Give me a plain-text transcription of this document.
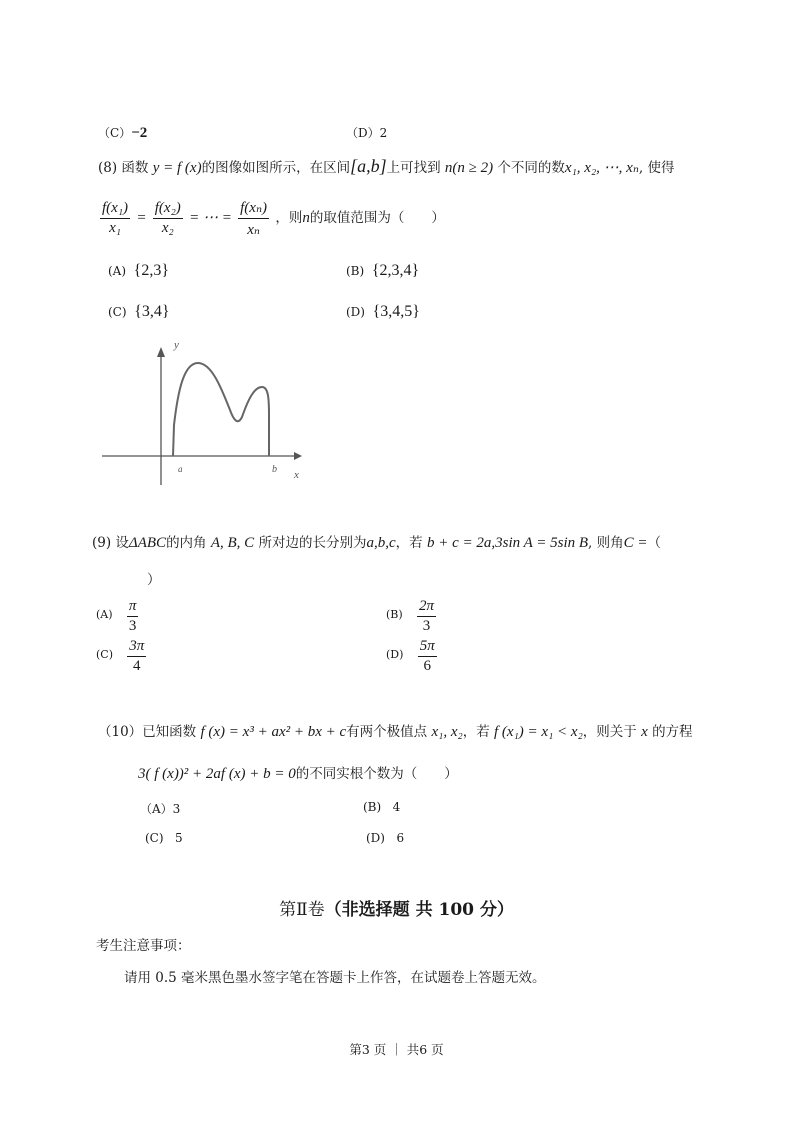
（C）−2	（D）2
(8) 函数 y = f (x)的图像如图所示，在区间[a,b]上可找到 n(n ≥ 2) 个不同的数x₁, x₂, ⋯, xₙ, 使得
$\frac{\text{f(x₁)}}{\text{x₁}} = \frac{\text{f(x₂)}}{\text{x₂}}$ = ⋯ = $\frac{\text{f(xₙ)}}{\text{xₙ}}$ ，则n的取值范围为（　　）
(A) {2,3}	(B) {2,3,4}
(C) {3,4}	(D) {3,4,5}
y
x
a	b
(9) 设ΔABC的内角 A, B, C 所对边的长分别为a,b,c，若 b + c = 2a,3sin A = 5sin B, 则角C =（
）
$(A) \frac{\pi}{3}$	$(B) \frac{2\pi}{3}$
$(C) \frac{3\pi}{4}$	$(D) \frac{5\pi}{6}$
（10）已知函数 f (x) = x³ + ax² + bx + c有两个极值点 x₁, x₂，若 f (x₁) = x₁ < x₂，则关于 x 的方程
3( f (x))² + 2af (x) + b = 0的不同实根个数为（　　）
（A）3	(B) 4
(C) 5	(D) 6
第Ⅱ卷（非选择题 共 100 分）
考生注意事项：
请用 0.5 毫米黑色墨水签字笔在答题卡上作答，在试题卷上答题无效。
第3 页 ｜ 共6 页
